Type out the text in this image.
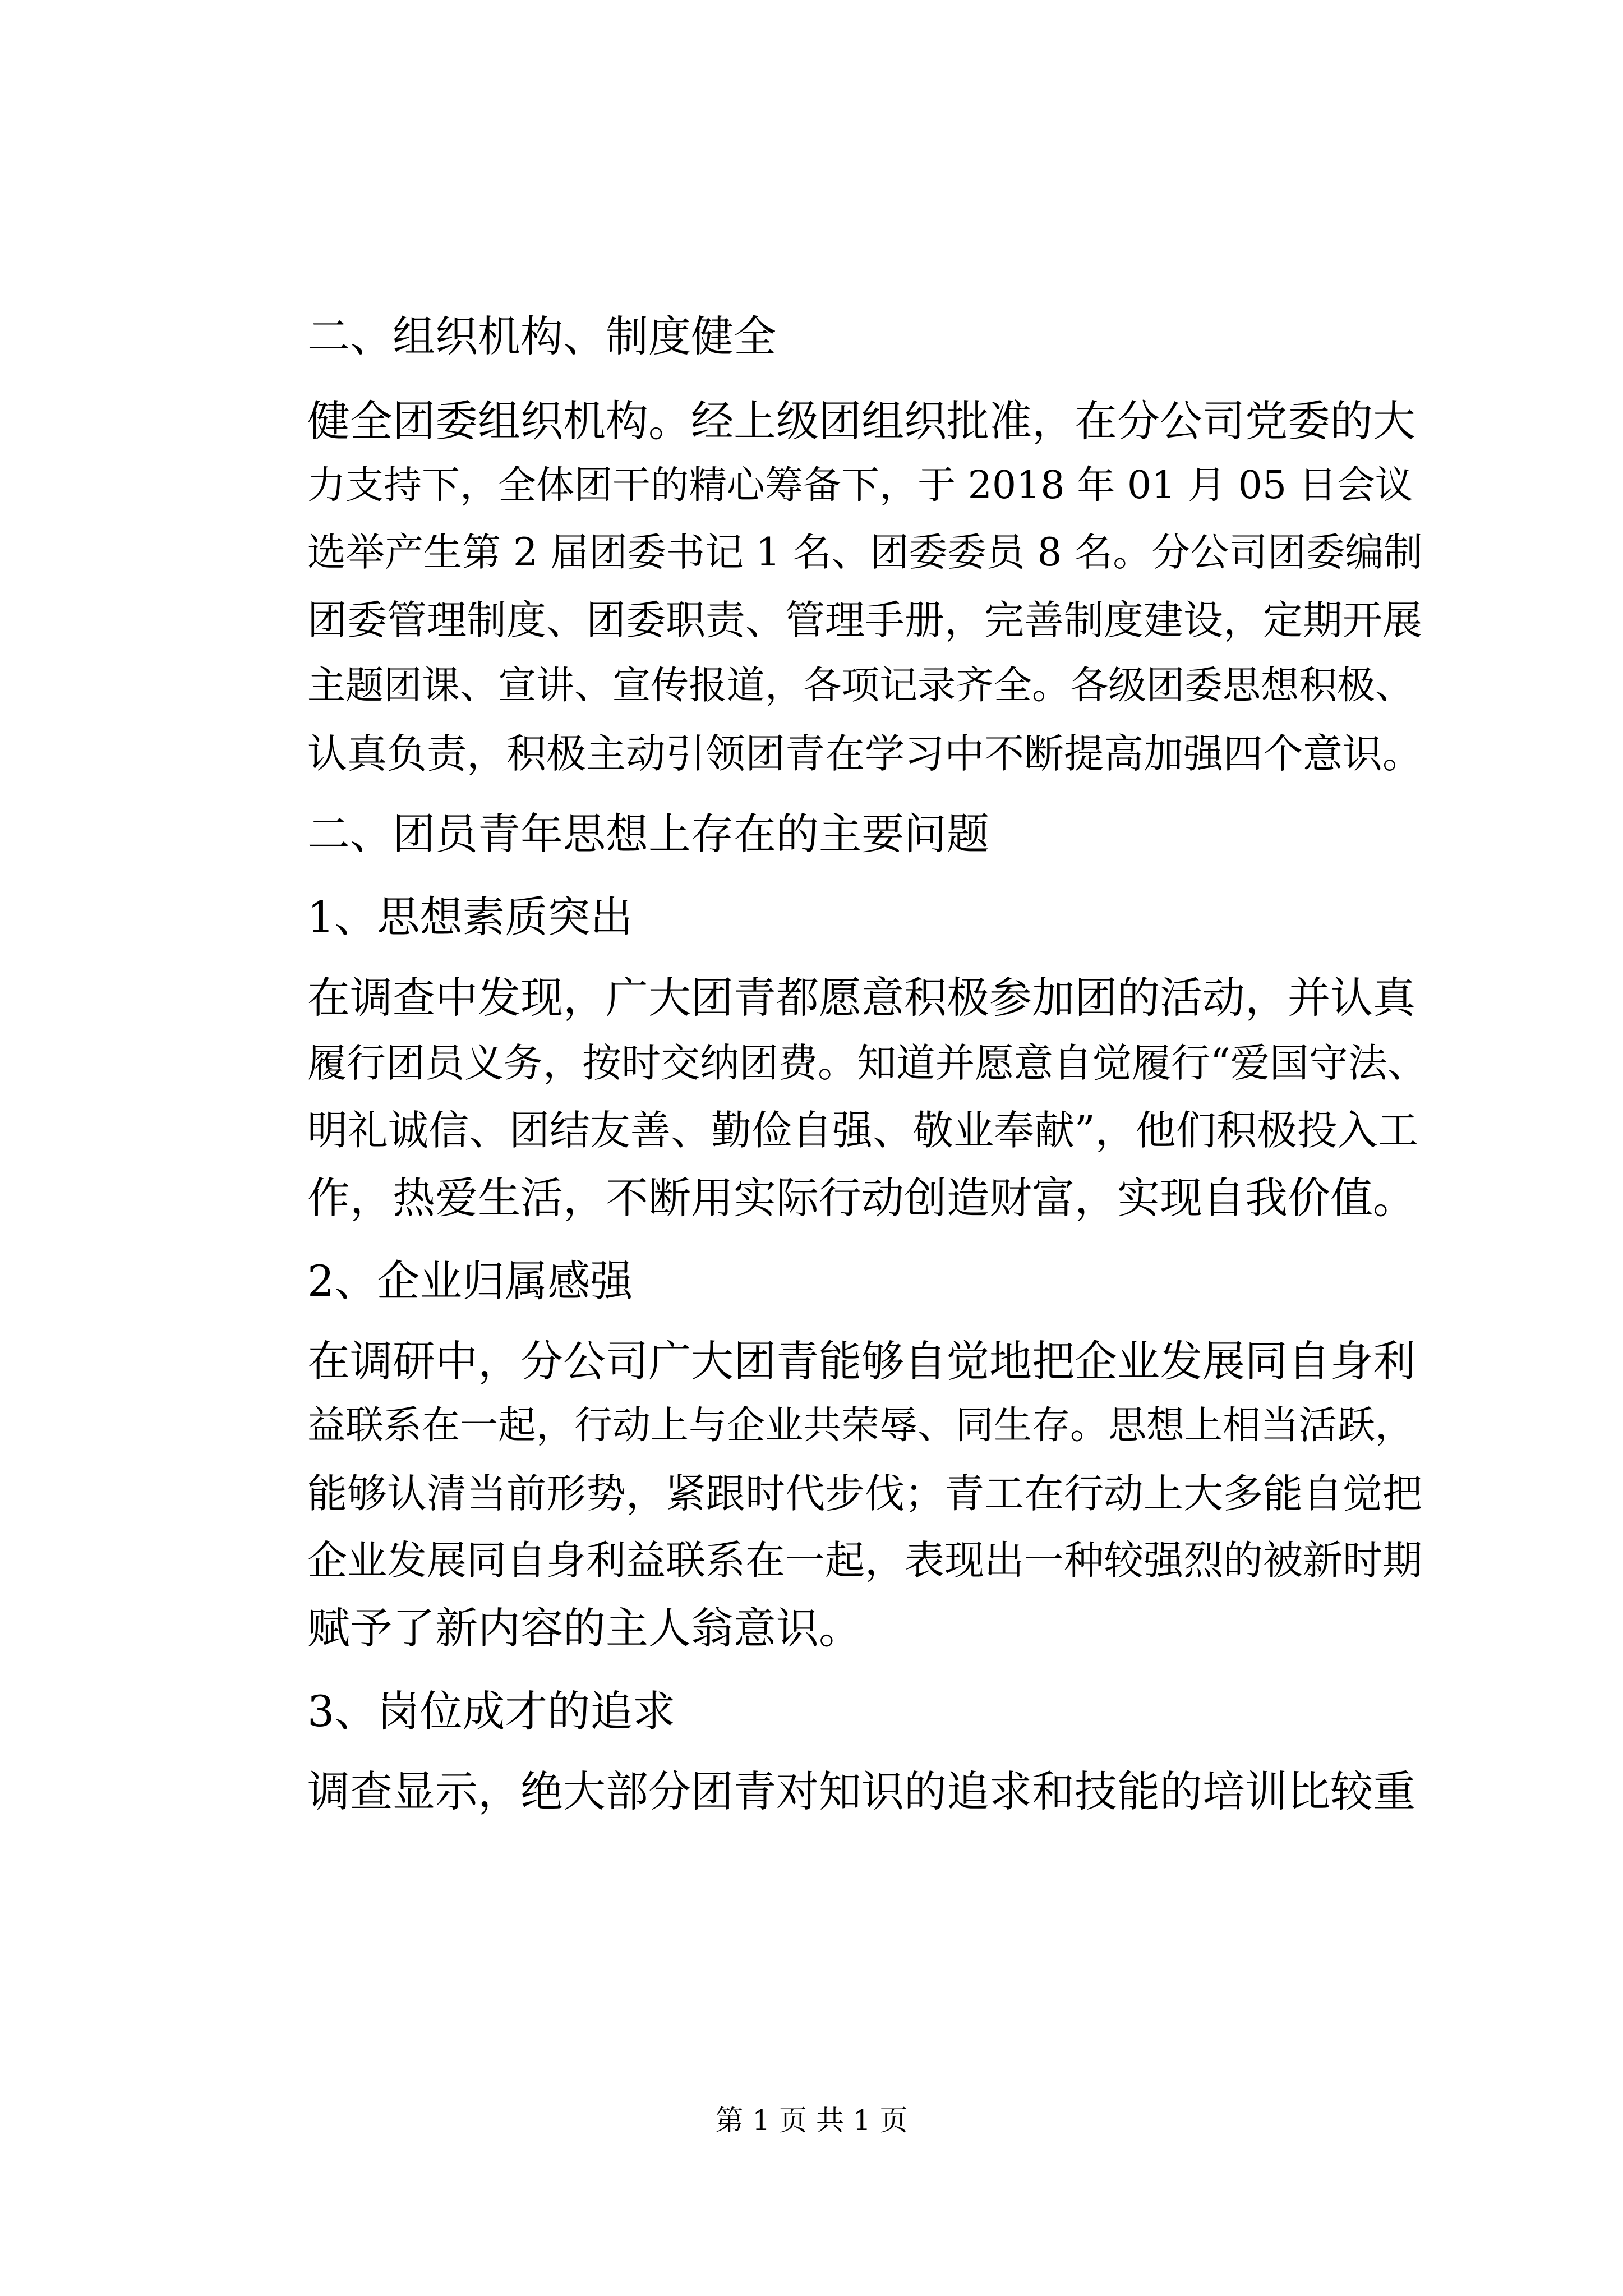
二、组织机构、制度健全

健全团委组织机构。经上级团组织批准，在分公司党委的大

力支持下，全体团干的精心筹备下，于 2018 年 01 月 05 日会议

选举产生第 2 届团委书记 1 名、团委委员 8 名。分公司团委编制

团委管理制度、团委职责、管理手册，完善制度建设，定期开展

主题团课、宣讲、宣传报道，各项记录齐全。各级团委思想积极、

认真负责，积极主动引领团青在学习中不断提高加强四个意识。

二、团员青年思想上存在的主要问题

1、思想素质突出

在调查中发现，广大团青都愿意积极参加团的活动，并认真

履行团员义务，按时交纳团费。知道并愿意自觉履行“爱国守法、

明礼诚信、团结友善、勤俭自强、敬业奉献”，他们积极投入工

作，热爱生活，不断用实际行动创造财富，实现自我价值。

2、企业归属感强

在调研中，分公司广大团青能够自觉地把企业发展同自身利

益联系在一起，行动上与企业共荣辱、同生存。思想上相当活跃，

能够认清当前形势，紧跟时代步伐；青工在行动上大多能自觉把

企业发展同自身利益联系在一起，表现出一种较强烈的被新时期

赋予了新内容的主人翁意识。

3、岗位成才的追求

调查显示，绝大部分团青对知识的追求和技能的培训比较重

第 1 页 共 1 页
